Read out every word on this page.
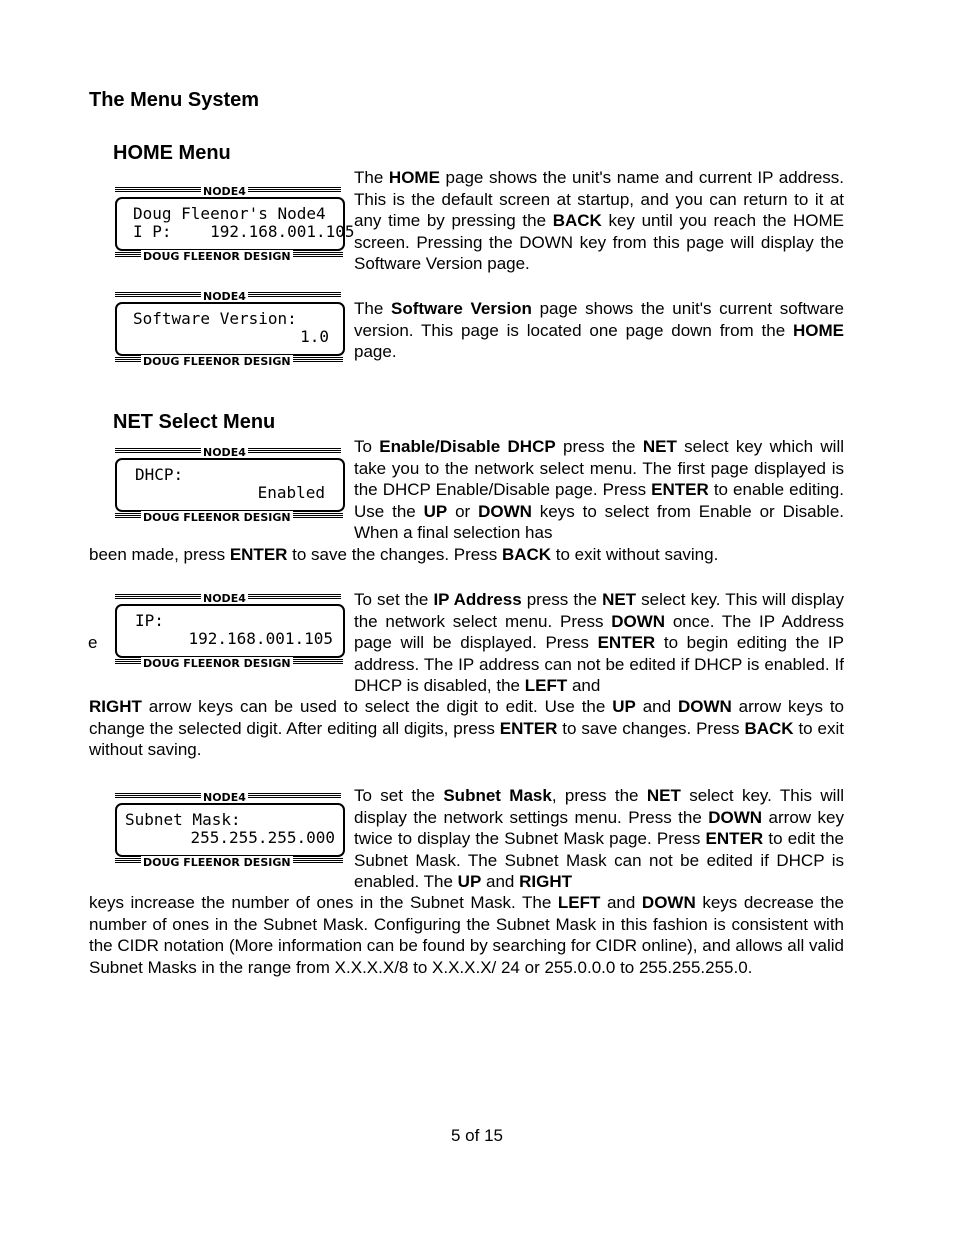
The Menu System
HOME Menu
NET Select Menu
NODE4
Doug Fleenor's Node4
I P:    192.168.001.105
DOUG FLEENOR DESIGN
NODE4
Software Version:
1.0
DOUG FLEENOR DESIGN
NODE4
DHCP:
Enabled
DOUG FLEENOR DESIGN
NODE4
IP:
192.168.001.105
DOUG FLEENOR DESIGN
NODE4
Subnet Mask:
255.255.255.000
DOUG FLEENOR DESIGN
The HOME page shows the unit's name and current IP address. This is the default screen at startup, and you can return to it at any time by pressing the BACK key until you reach the HOME screen. Pressing the DOWN key from this page will display the Software Version page.
The Software Version page shows the unit's current software version. This page is located one page down from the HOME page.
To Enable/Disable DHCP press the NET select key which will take you to the network select menu. The first page displayed is the DHCP Enable/Disable page. Press ENTER to enable editing. Use the UP or DOWN keys to select from Enable or Disable. When a final selection has
been made, press ENTER to save the changes. Press BACK to exit without saving.
e
To set the IP Address press the NET select key. This will display the network select menu. Press DOWN once. The IP Address page will be displayed. Press ENTER to begin editing the IP address. The IP address can not be edited if DHCP is enabled. If DHCP is disabled, the LEFT and
RIGHT arrow keys can be used to select the digit to edit. Use the UP and DOWN arrow keys to change the selected digit. After editing all digits, press ENTER to save changes. Press BACK to exit without saving.
To set the Subnet Mask, press the NET select key. This will display the network settings menu. Press the DOWN arrow key twice to display the Subnet Mask page. Press ENTER to edit the Subnet Mask. The Subnet Mask can not be edited if DHCP is enabled. The UP and RIGHT
keys increase the number of ones in the Subnet Mask. The LEFT and DOWN keys decrease the number of ones in the Subnet Mask. Configuring the Subnet Mask in this fashion is consistent with the CIDR notation (More information can be found by searching for CIDR online), and allows all valid Subnet Masks in the range from X.X.X.X/8 to X.X.X.X/ 24 or 255.0.0.0 to 255.255.255.0.
5 of 15
